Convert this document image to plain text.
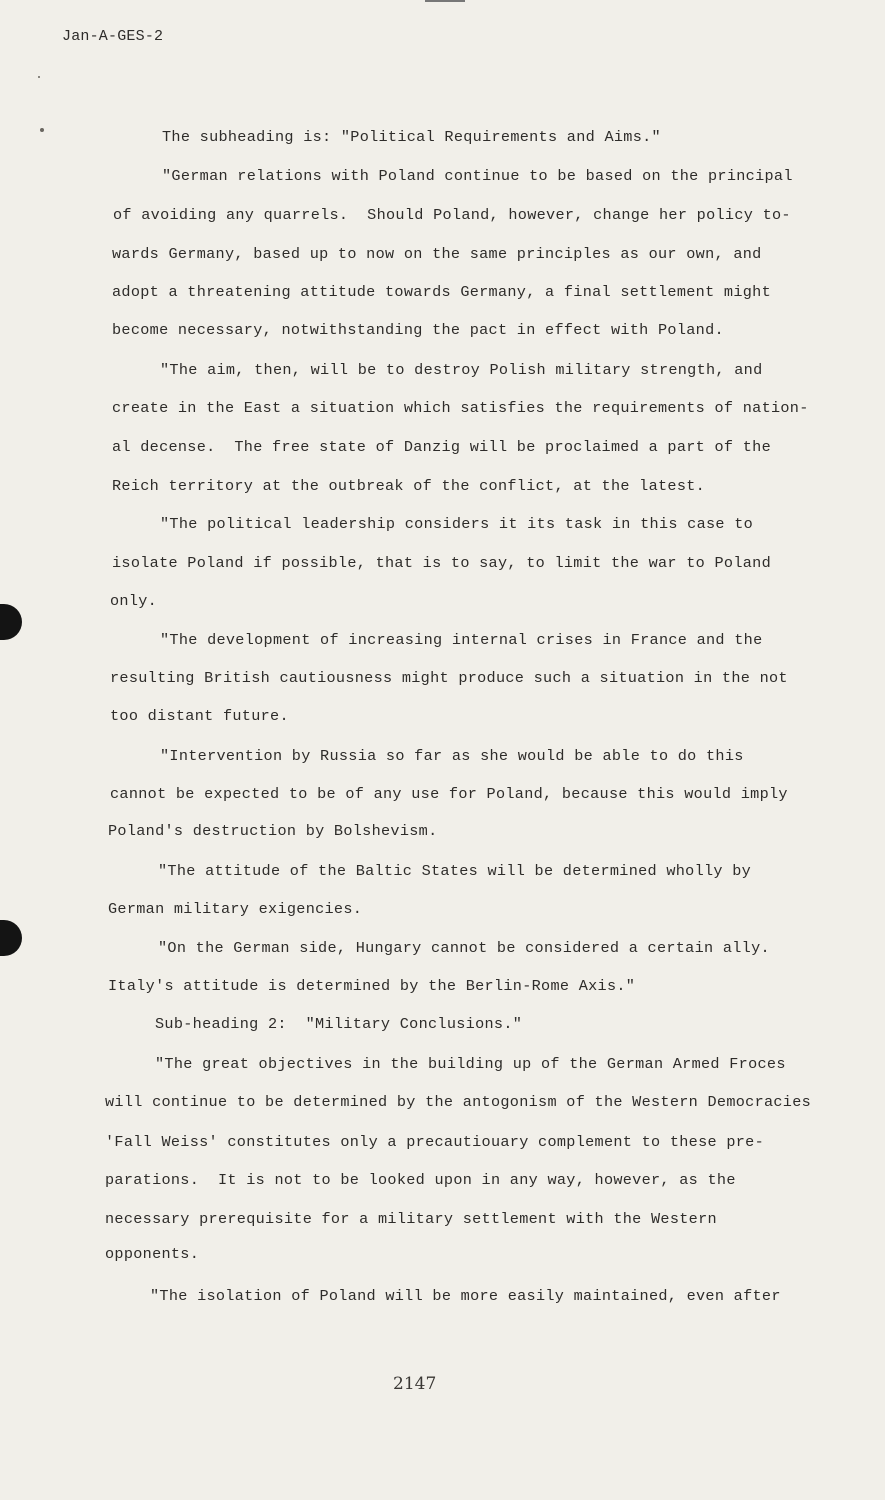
Jan-A-GES-2
The subheading is: "Political Requirements and Aims."
"German relations with Poland continue to be based on the principal
of avoiding any quarrels.  Should Poland, however, change her policy to-
wards Germany, based up to now on the same principles as our own, and
adopt a threatening attitude towards Germany, a final settlement might
become necessary, notwithstanding the pact in effect with Poland.
"The aim, then, will be to destroy Polish military strength, and
create in the East a situation which satisfies the requirements of nation-
al decense.  The free state of Danzig will be proclaimed a part of the
Reich territory at the outbreak of the conflict, at the latest.
"The political leadership considers it its task in this case to
isolate Poland if possible, that is to say, to limit the war to Poland
only.
"The development of increasing internal crises in France and the
resulting British cautiousness might produce such a situation in the not
too distant future.
"Intervention by Russia so far as she would be able to do this
cannot be expected to be of any use for Poland, because this would imply
Poland's destruction by Bolshevism.
"The attitude of the Baltic States will be determined wholly by
German military exigencies.
"On the German side, Hungary cannot be considered a certain ally.
Italy's attitude is determined by the Berlin-Rome Axis."
Sub-heading 2:  "Military Conclusions."
"The great objectives in the building up of the German Armed Froces
will continue to be determined by the antogonism of the Western Democracies
'Fall Weiss' constitutes only a precautiouary complement to these pre-
parations.  It is not to be looked upon in any way, however, as the
necessary prerequisite for a military settlement with the Western
opponents.
"The isolation of Poland will be more easily maintained, even after
2147
